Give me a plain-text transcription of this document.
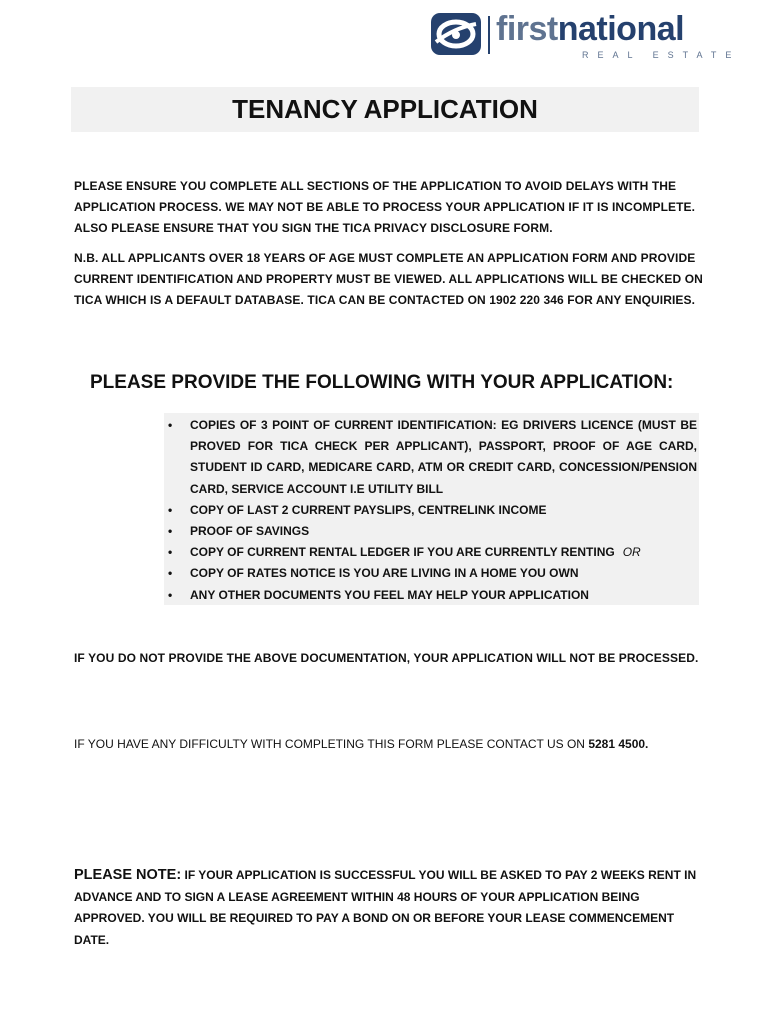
firstnational
REAL ESTATE
TENANCY APPLICATION
PLEASE ENSURE YOU COMPLETE ALL SECTIONS OF THE APPLICATION TO AVOID DELAYS WITH THE APPLICATION PROCESS. WE MAY NOT BE ABLE TO PROCESS YOUR APPLICATION IF IT IS INCOMPLETE. ALSO PLEASE ENSURE THAT YOU SIGN THE TICA PRIVACY DISCLOSURE FORM.
N.B. ALL APPLICANTS OVER 18 YEARS OF AGE MUST COMPLETE AN APPLICATION FORM AND PROVIDE CURRENT IDENTIFICATION AND PROPERTY MUST BE VIEWED. ALL APPLICATIONS WILL BE CHECKED ON TICA WHICH IS A DEFAULT DATABASE. TICA CAN BE CONTACTED ON 1902 220 346 FOR ANY ENQUIRIES.
PLEASE PROVIDE THE FOLLOWING WITH YOUR APPLICATION:
• COPIES OF 3 POINT OF CURRENT IDENTIFICATION: EG DRIVERS LICENCE (MUST BE PROVED FOR TICA CHECK PER APPLICANT), PASSPORT, PROOF OF AGE CARD, STUDENT ID CARD, MEDICARE CARD, ATM OR CREDIT CARD, CONCESSION/PENSION CARD, SERVICE ACCOUNT I.E UTILITY BILL
• COPY OF LAST 2 CURRENT PAYSLIPS, CENTRELINK INCOME
• PROOF OF SAVINGS
• COPY OF CURRENT RENTAL LEDGER IF YOU ARE CURRENTLY RENTING OR
• COPY OF RATES NOTICE IS YOU ARE LIVING IN A HOME YOU OWN
• ANY OTHER DOCUMENTS YOU FEEL MAY HELP YOUR APPLICATION
IF YOU DO NOT PROVIDE THE ABOVE DOCUMENTATION, YOUR APPLICATION WILL NOT BE PROCESSED.
IF YOU HAVE ANY DIFFICULTY WITH COMPLETING THIS FORM PLEASE CONTACT US ON 5281 4500.
PLEASE NOTE: IF YOUR APPLICATION IS SUCCESSFUL YOU WILL BE ASKED TO PAY 2 WEEKS RENT IN ADVANCE AND TO SIGN A LEASE AGREEMENT WITHIN 48 HOURS OF YOUR APPLICATION BEING APPROVED. YOU WILL BE REQUIRED TO PAY A BOND ON OR BEFORE YOUR LEASE COMMENCEMENT DATE.
